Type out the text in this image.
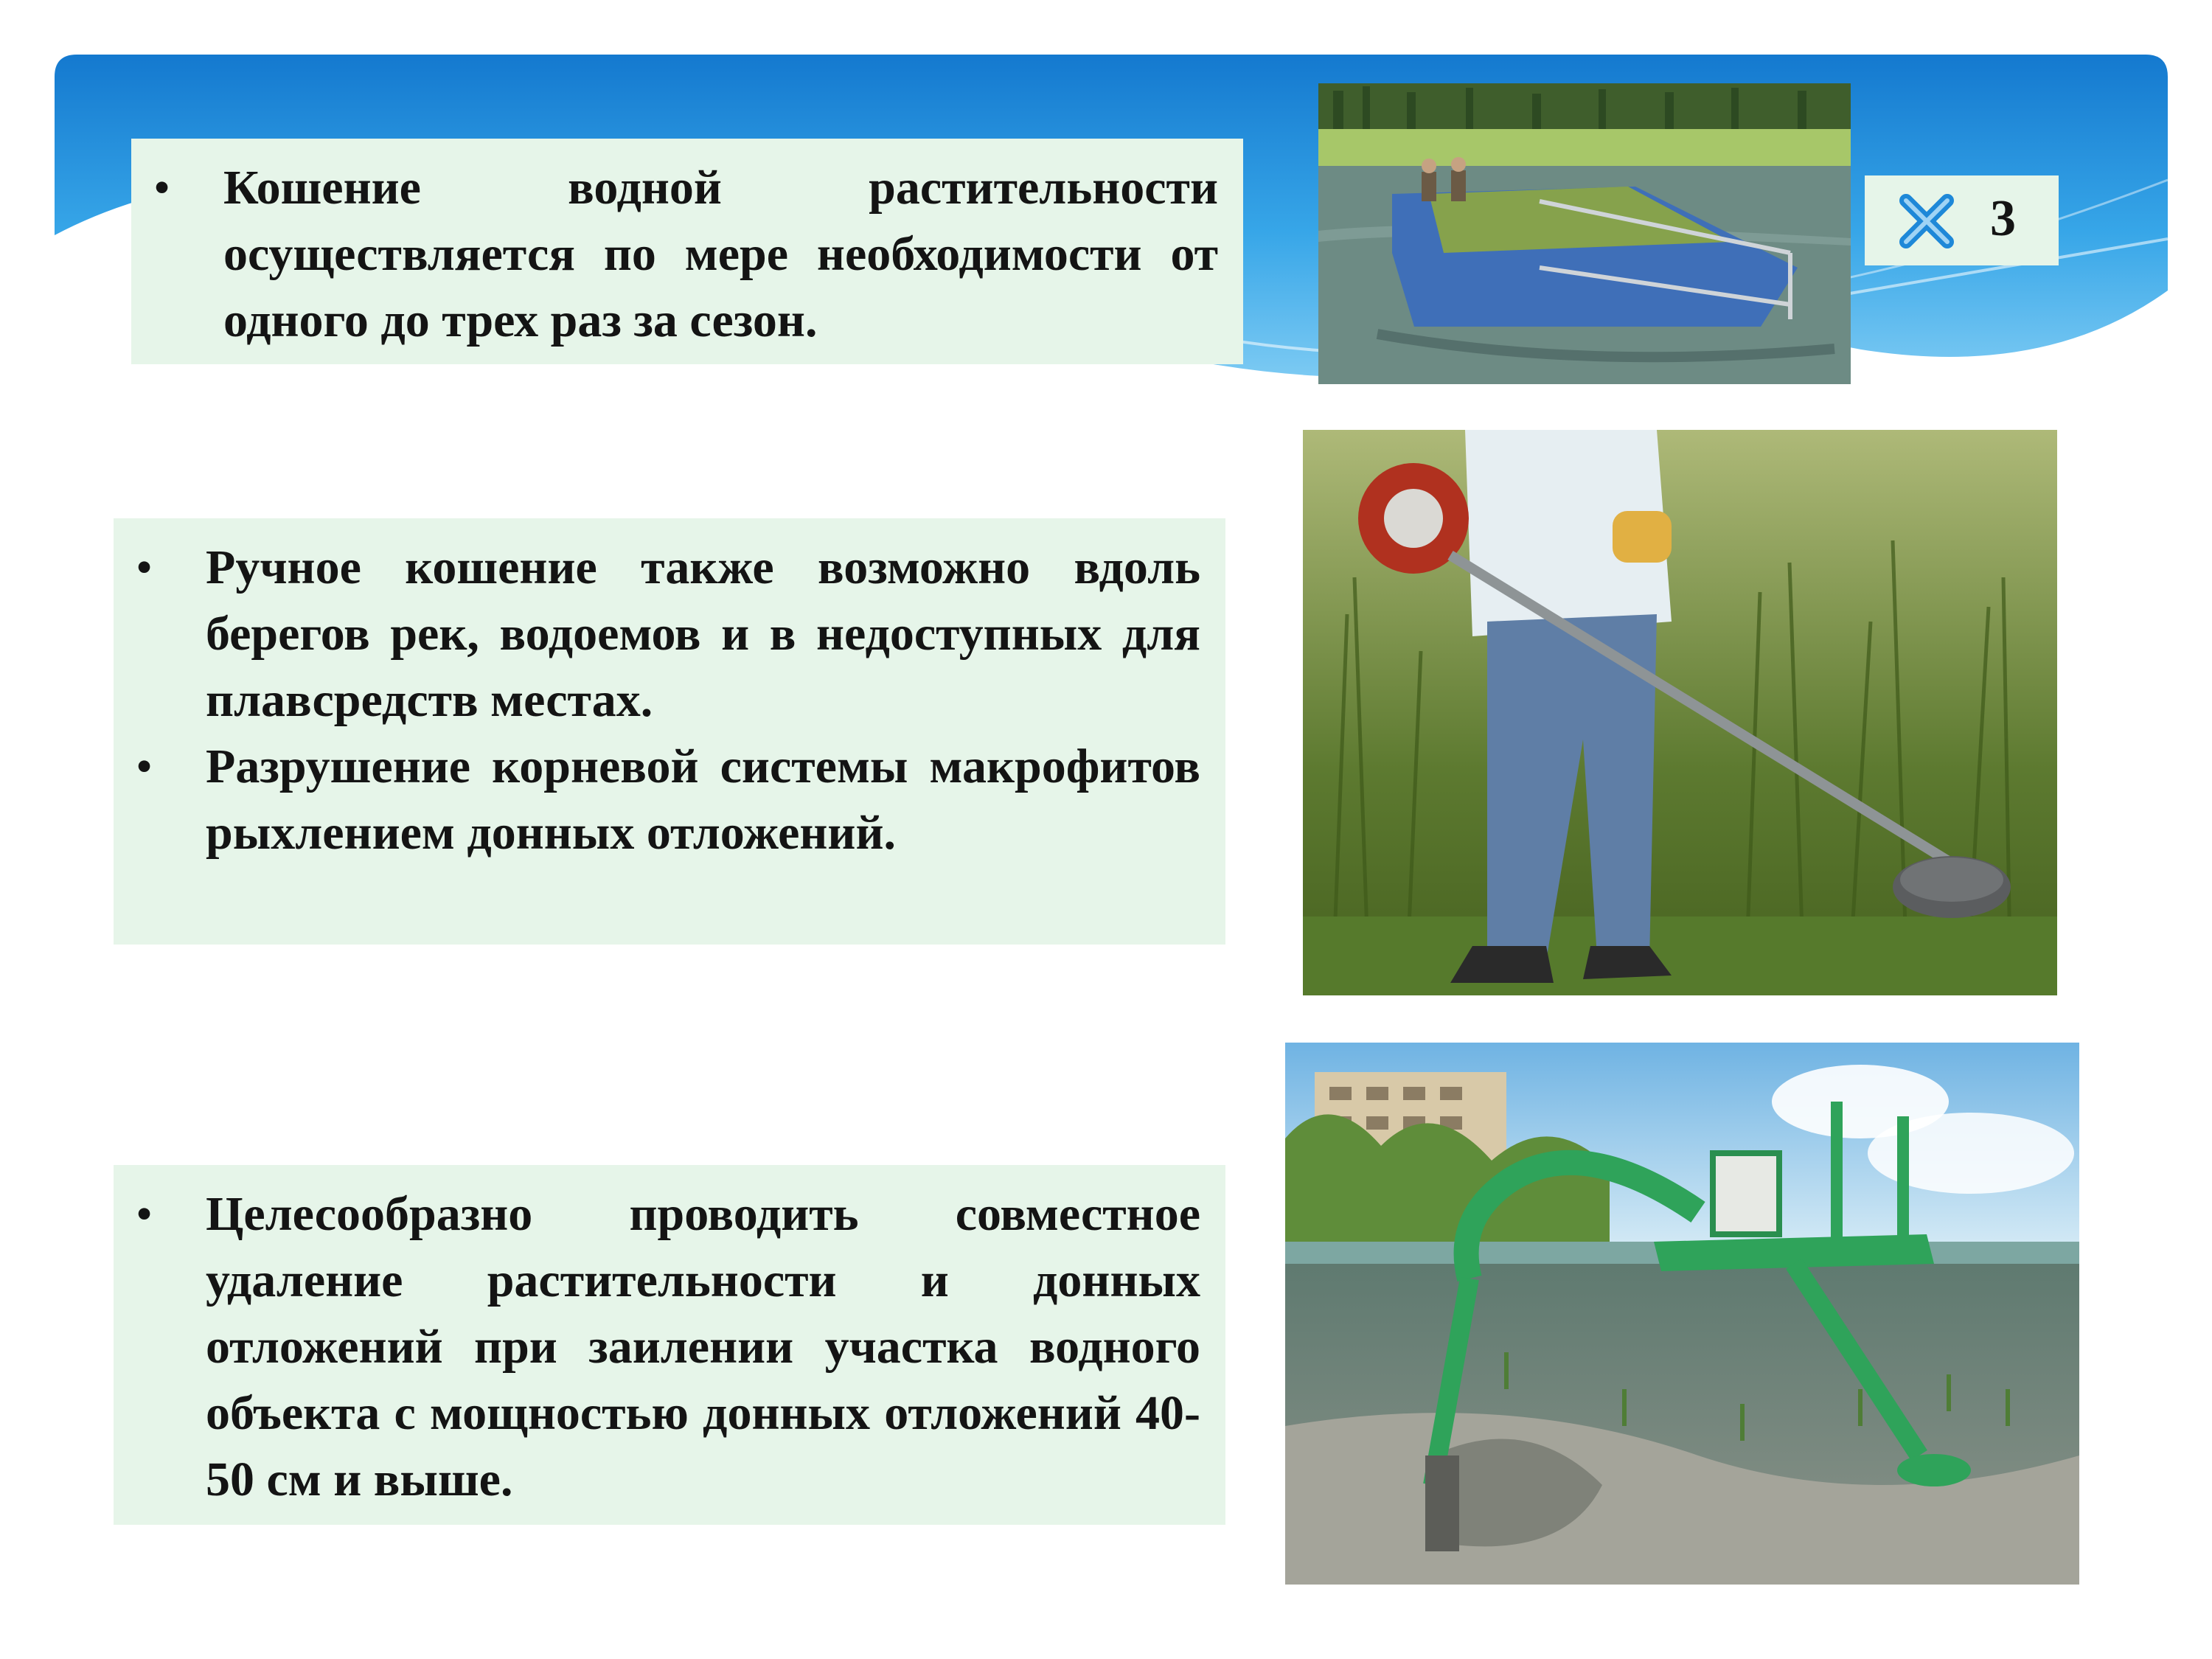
• Кошение водной растительности осуществляется по мере необходимости от одного до трех раз за сезон.
3
• Ручное кошение также возможно вдоль берегов рек, водоемов и в недоступных для плавсредств местах.
• Разрушение корневой системы макрофитов рыхлением донных отложений.
• Целесообразно проводить совместное удаление растительности и донных отложений при заилении участка водного объекта с мощностью донных отложений 40-50 см и выше.
